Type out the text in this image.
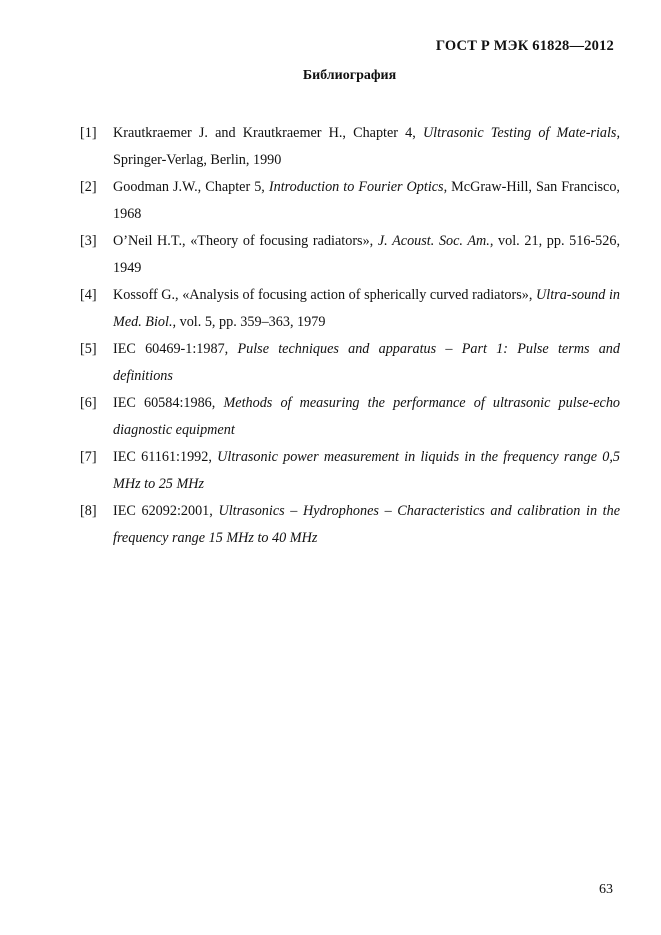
ГОСТ Р МЭК 61828—2012
Библиография
[1] Krautkraemer J. and Krautkraemer H., Chapter 4, Ultrasonic Testing of Mate-rials, Springer-Verlag, Berlin, 1990
[2] Goodman J.W., Chapter 5, Introduction to Fourier Optics, McGraw-Hill, San Francisco, 1968
[3] O’Neil H.T., «Theory of focusing radiators», J. Acoust. Soc. Am., vol. 21, pp. 516-526, 1949
[4] Kossoff G., «Analysis of focusing action of spherically curved radiators», Ultra-sound in Med. Biol., vol. 5, pp. 359–363, 1979
[5] IEC 60469-1:1987, Pulse techniques and apparatus – Part 1: Pulse terms and definitions
[6] IEC 60584:1986, Methods of measuring the performance of ultrasonic pulse-echo diagnostic equipment
[7] IEC 61161:1992, Ultrasonic power measurement in liquids in the frequency range 0,5 MHz to 25 MHz
[8] IEC 62092:2001, Ultrasonics – Hydrophones – Characteristics and calibration in the frequency range 15 MHz to 40 MHz
63
